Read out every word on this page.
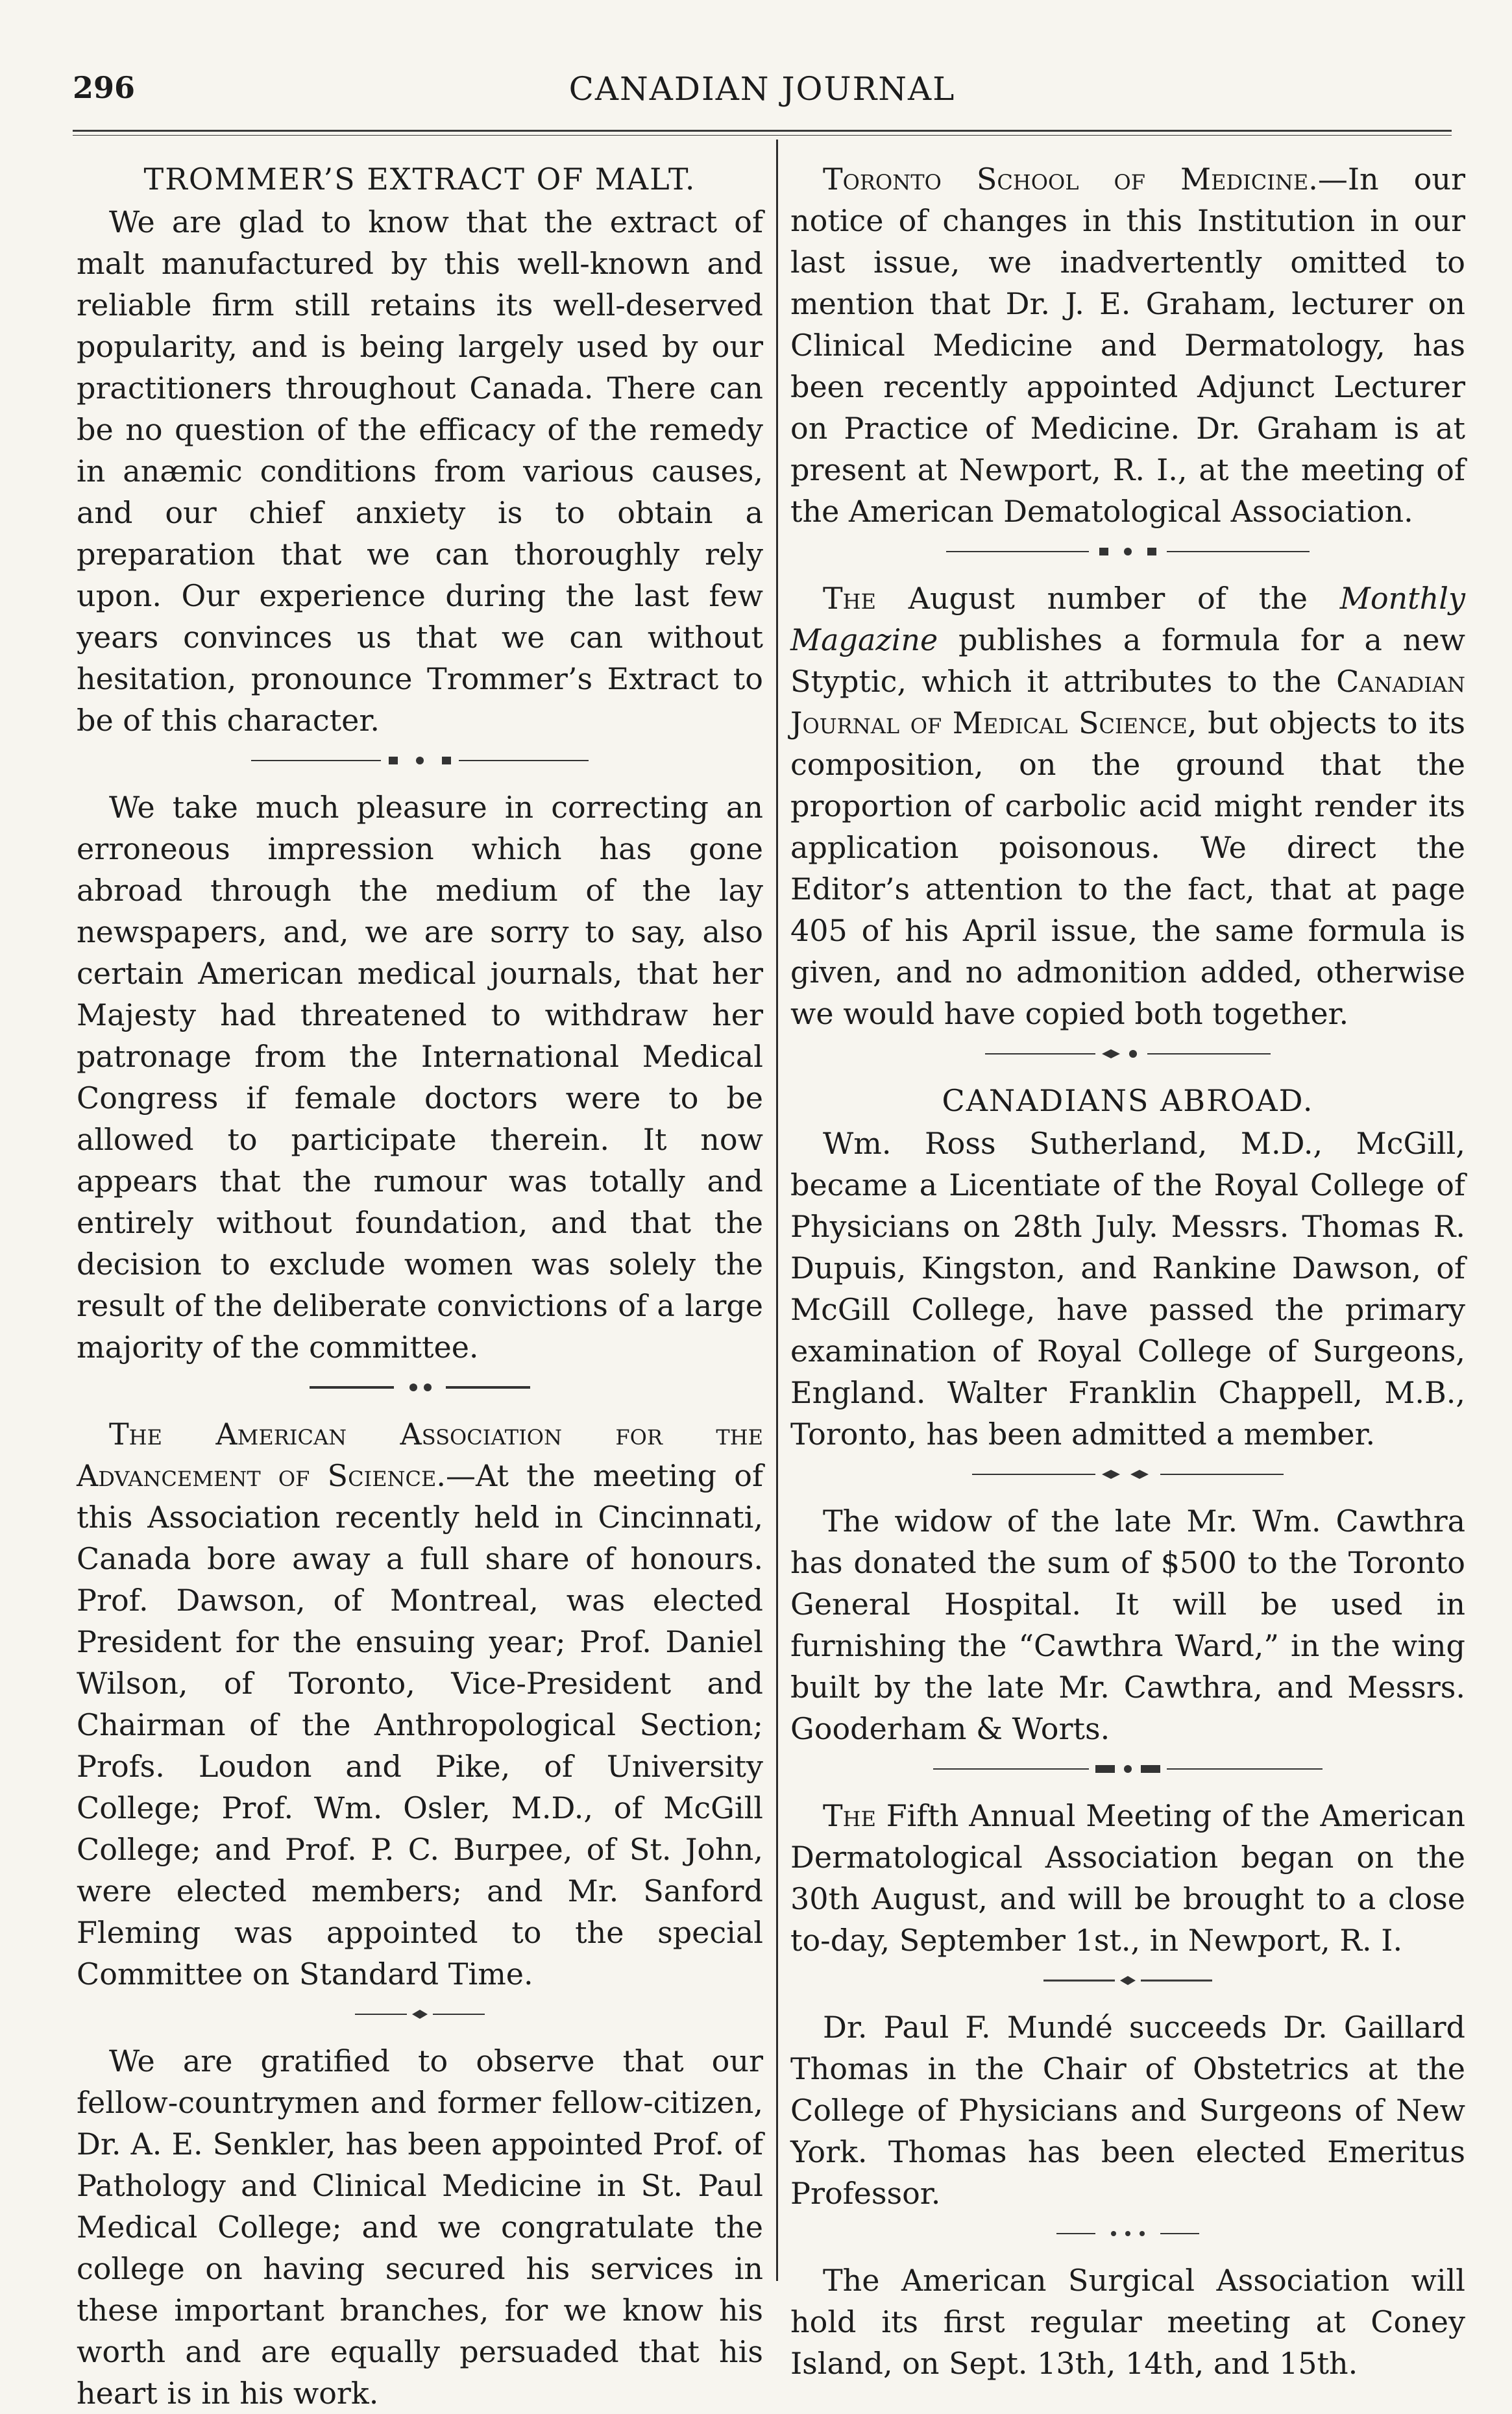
296	CANADIAN JOURNAL
TROMMER’S EXTRACT OF MALT.

We are glad to know that the extract of malt manufactured by this well-known and reliable firm still retains its well-deserved popularity, and is being largely used by our practitioners throughout Canada. There can be no question of the efficacy of the remedy in anæmic conditions from various causes, and our chief anxiety is to obtain a preparation that we can thoroughly rely upon. Our experience during the last few years convinces us that we can without hesitation, pronounce Trommer’s Extract to be of this character.

We take much pleasure in correcting an erroneous impression which has gone abroad through the medium of the lay newspapers, and, we are sorry to say, also certain American medical journals, that her Majesty had threatened to withdraw her patronage from the International Medical Congress if female doctors were to be allowed to participate therein. It now appears that the rumour was totally and entirely without foundation, and that the decision to exclude women was solely the result of the deliberate convictions of a large majority of the committee.

The American Association for the Advancement of Science.—At the meeting of this Association recently held in Cincinnati, Canada bore away a full share of honours. Prof. Dawson, of Montreal, was elected President for the ensuing year; Prof. Daniel Wilson, of Toronto, Vice-President and Chairman of the Anthropological Section; Profs. Loudon and Pike, of University College; Prof. Wm. Osler, M.D., of McGill College; and Prof. P. C. Burpee, of St. John, were elected members; and Mr. Sanford Fleming was appointed to the special Committee on Standard Time.

We are gratified to observe that our fellow-countrymen and former fellow-citizen, Dr. A. E. Senkler, has been appointed Prof. of Pathology and Clinical Medicine in St. Paul Medical College; and we congratulate the college on having secured his services in these important branches, for we know his worth and are equally persuaded that his heart is in his work.

Toronto School of Medicine.—In our notice of changes in this Institution in our last issue, we inadvertently omitted to mention that Dr. J. E. Graham, lecturer on Clinical Medicine and Dermatology, has been recently appointed Adjunct Lecturer on Practice of Medicine. Dr. Graham is at present at Newport, R. I., at the meeting of the American Dematological Association.

The August number of the Monthly Magazine publishes a formula for a new Styptic, which it attributes to the Canadian Journal of Medical Science, but objects to its composition, on the ground that the proportion of carbolic acid might render its application poisonous. We direct the Editor’s attention to the fact, that at page 405 of his April issue, the same formula is given, and no admonition added, otherwise we would have copied both together.

CANADIANS ABROAD.

Wm. Ross Sutherland, M.D., McGill, became a Licentiate of the Royal College of Physicians on 28th July. Messrs. Thomas R. Dupuis, Kingston, and Rankine Dawson, of McGill College, have passed the primary examination of Royal College of Surgeons, England. Walter Franklin Chappell, M.B., Toronto, has been admitted a member.

The widow of the late Mr. Wm. Cawthra has donated the sum of $500 to the Toronto General Hospital. It will be used in furnishing the “Cawthra Ward,” in the wing built by the late Mr. Cawthra, and Messrs. Gooderham & Worts.

The Fifth Annual Meeting of the American Dermatological Association began on the 30th August, and will be brought to a close to-day, September 1st., in Newport, R. I.

Dr. Paul F. Mundé succeeds Dr. Gaillard Thomas in the Chair of Obstetrics at the College of Physicians and Surgeons of New York. Thomas has been elected Emeritus Professor.

The American Surgical Association will hold its first regular meeting at Coney Island, on Sept. 13th, 14th, and 15th.
